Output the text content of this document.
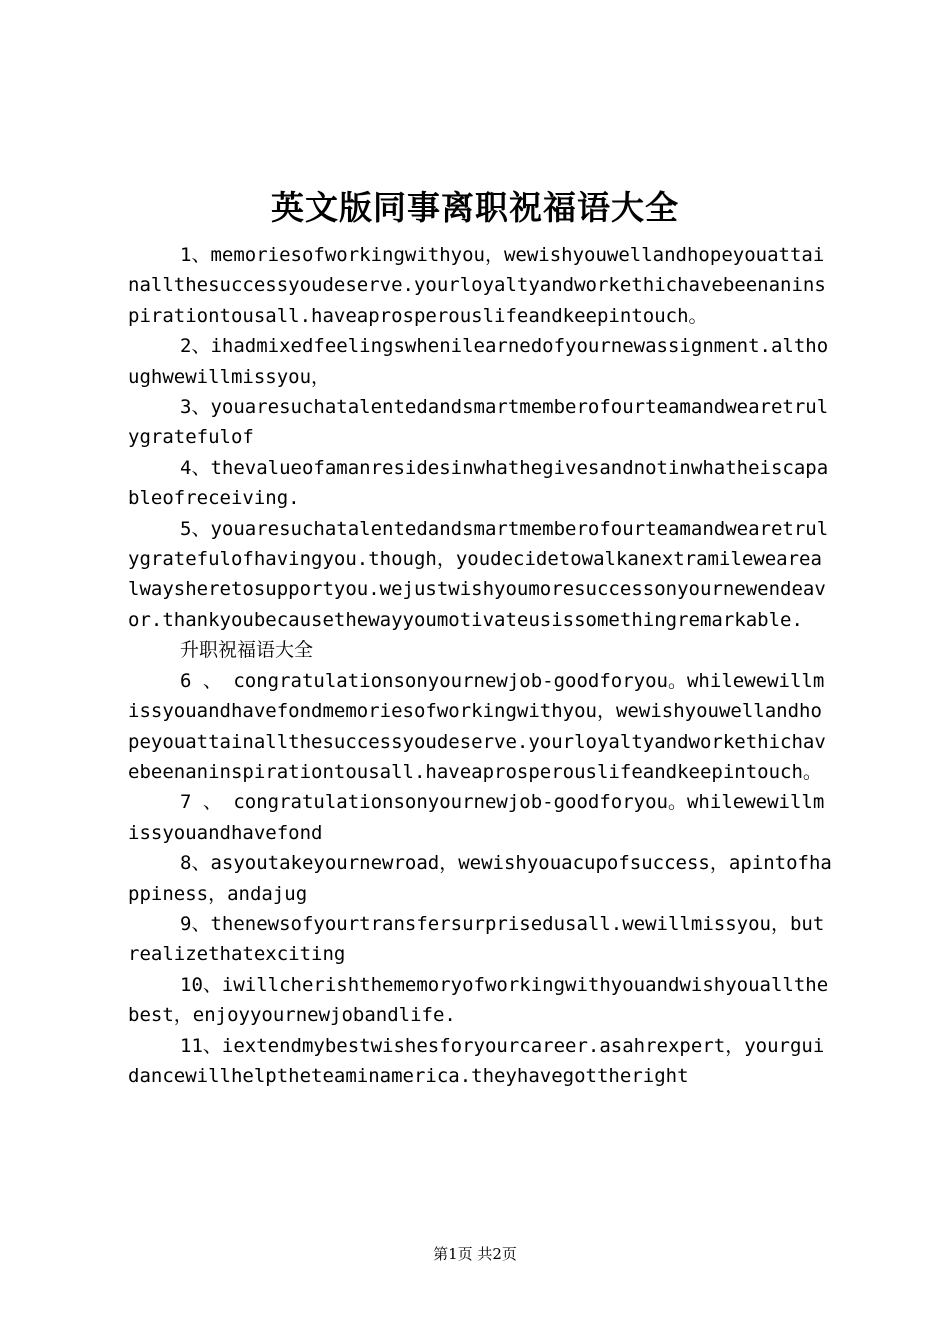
英文版同事离职祝福语大全

1、memoriesofworkingwithyou，wewishyouwellandhopeyouattainallthesuccessyoudeserve.yourloyaltyandworkethichavebeenaninspirationtousall.haveaprosperouslifeandkeepintouch。

2、ihadmixedfeelingswhenilearnedofyournewassignment.althoughwewillmissyou，

3、youaresuchatalentedandsmartmemberofourteamandwearetrulygratefulof

4、thevalueofamanresidesinwhathegivesandnotinwhatheiscapableofreceiving.

5、youaresuchatalentedandsmartmemberofourteamandwearetrulygratefulofhavingyou.though，youdecidetowalkanextramilewearealwaysheretosupportyou.wejustwishyoumoresuccessonyournewendeavor.thankyoubecausethewayyoumotivateusissomethingremarkable.

升职祝福语大全

6 、 congratulationsonyournewjob-goodforyou。whilewewillmissyouandhavefondmemoriesofworkingwithyou，wewishyouwellandhopeyouattainallthesuccessyoudeserve.yourloyaltyandworkethichavebeenaninspirationtousall.haveaprosperouslifeandkeepintouch。

7 、 congratulationsonyournewjob-goodforyou。whilewewillmissyouandhavefond

8、asyoutakeyournewroad，wewishyouacupofsuccess，apintofhappiness，andajug

9、thenewsofyourtransfersurprisedusall.wewillmissyou，butrealizethatexciting

10、iwillcherishthememoryofworkingwithyouandwishyouallthebest，enjoyyournewjobandlife.

11、iextendmybestwishesforyourcareer.asahrexpert，yourguidancewillhelptheteaminamerica.theyhavegottheright

第1页 共2页
